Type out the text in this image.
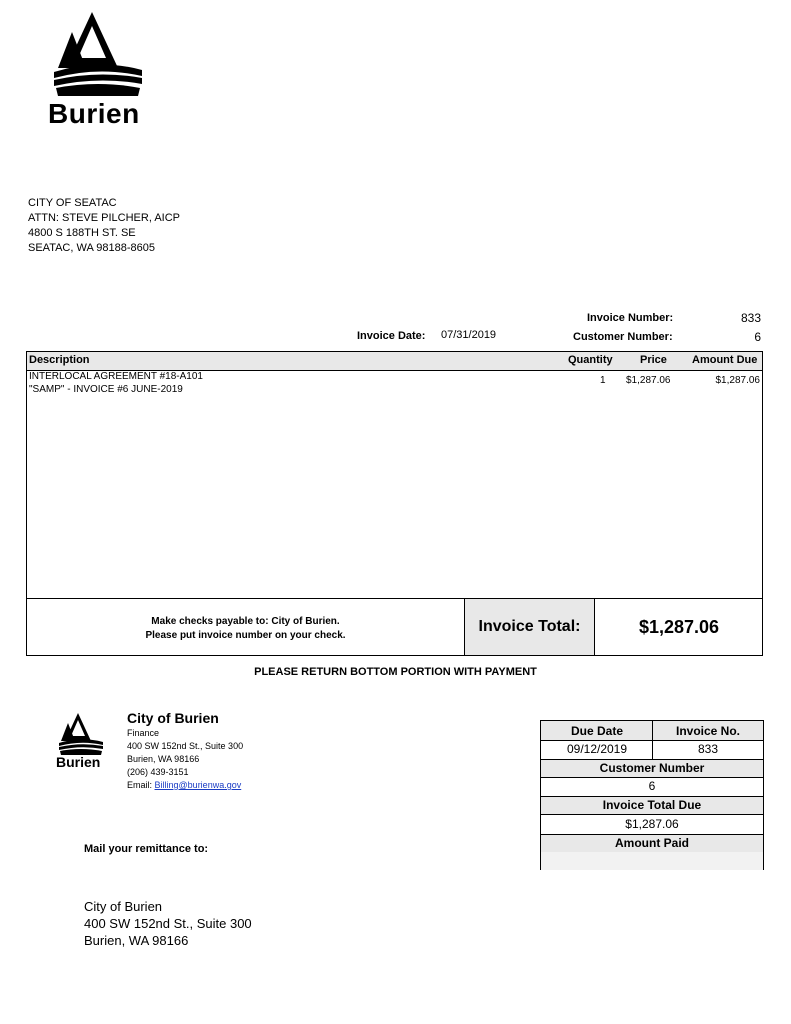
Burien
CITY OF SEATAC
ATTN: STEVE PILCHER, AICP
4800 S 188TH ST. SE
SEATAC, WA 98188-8605
Invoice Number:	833
Customer Number:	6
Invoice Date: 07/31/2019
Description	Quantity Price Amount Due
INTERLOCAL AGREEMENT #18-A101
"SAMP" - INVOICE #6 JUNE-2019
1 $1,287.06	$1,287.06
Make checks payable to: City of Burien.
Please put invoice number on your check.
Invoice Total:	$1,287.06
PLEASE RETURN BOTTOM PORTION WITH PAYMENT
Burien
City of Burien
Finance
400 SW 152nd St., Suite 300
Burien, WA 98166
(206) 439-3151
Email: Billing@burienwa.gov
Due Date	Invoice No.
09/12/2019	833
Customer Number
6
Invoice Total Due
$1,287.06
Amount Paid
Mail your remittance to:
City of Burien
400 SW 152nd St., Suite 300
Burien, WA 98166
